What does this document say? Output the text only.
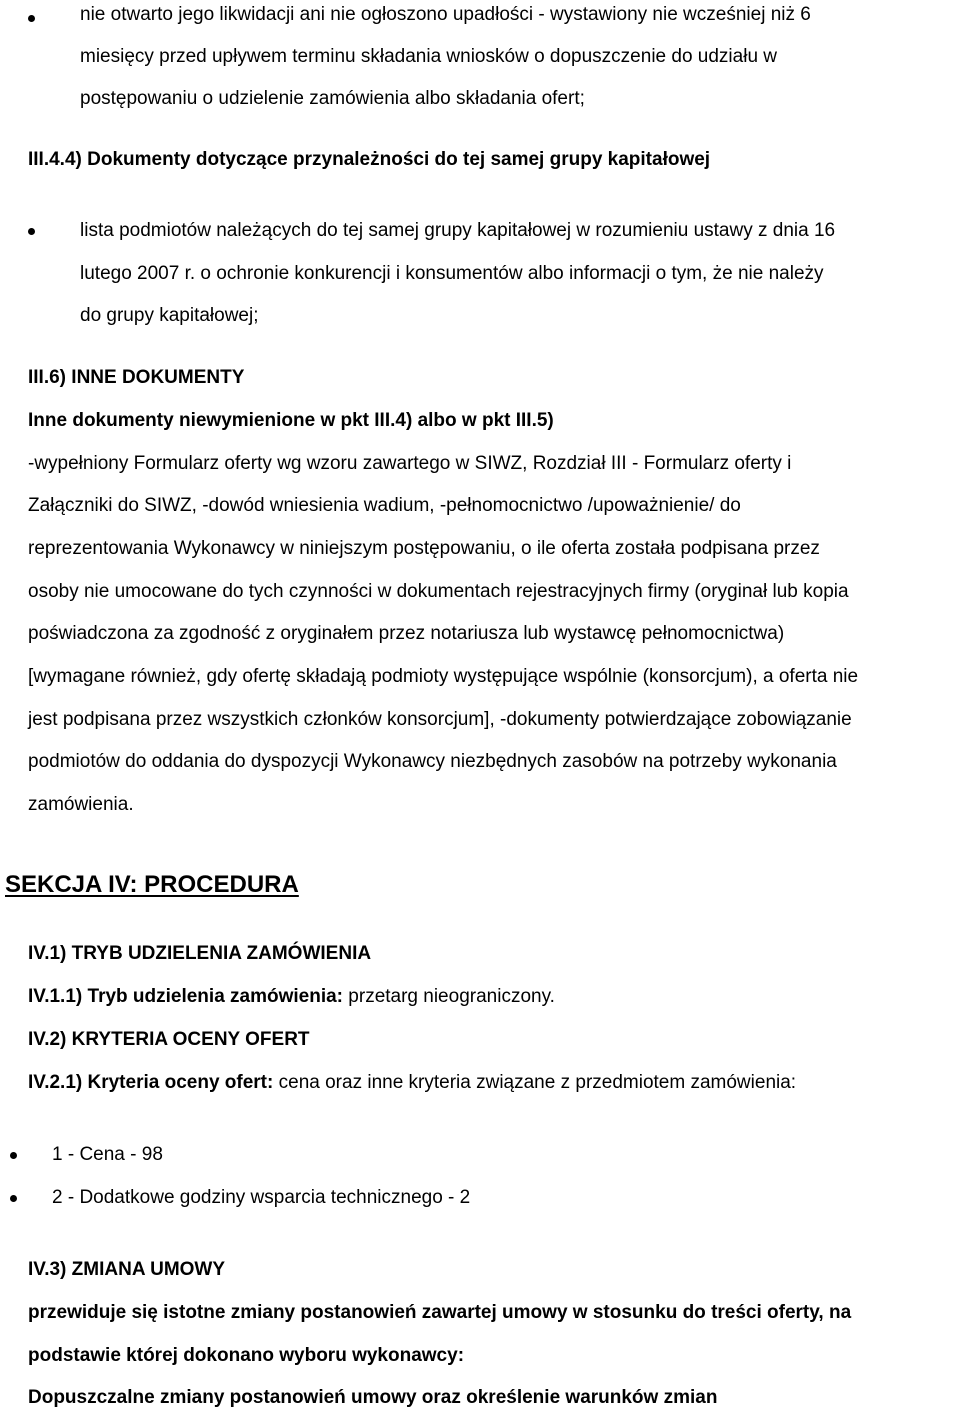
nie otwarto jego likwidacji ani nie ogłoszono upadłości - wystawiony nie wcześniej niż 6
miesięcy przed upływem terminu składania wniosków o dopuszczenie do udziału w
postępowaniu o udzielenie zamówienia albo składania ofert;
III.4.4) Dokumenty dotyczące przynależności do tej samej grupy kapitałowej
lista podmiotów należących do tej samej grupy kapitałowej w rozumieniu ustawy z dnia 16
lutego 2007 r. o ochronie konkurencji i konsumentów albo informacji o tym, że nie należy
do grupy kapitałowej;
III.6) INNE DOKUMENTY
Inne dokumenty niewymienione w pkt III.4) albo w pkt III.5)
-wypełniony Formularz oferty wg wzoru zawartego w SIWZ, Rozdział III - Formularz oferty i
Załączniki do SIWZ, -dowód wniesienia wadium, -pełnomocnictwo /upoważnienie/ do
reprezentowania Wykonawcy w niniejszym postępowaniu, o ile oferta została podpisana przez
osoby nie umocowane do tych czynności w dokumentach rejestracyjnych firmy (oryginał lub kopia
poświadczona za zgodność z oryginałem przez notariusza lub wystawcę pełnomocnictwa)
[wymagane również, gdy ofertę składają podmioty występujące wspólnie (konsorcjum), a oferta nie
jest podpisana przez wszystkich członków konsorcjum], -dokumenty potwierdzające zobowiązanie
podmiotów do oddania do dyspozycji Wykonawcy niezbędnych zasobów na potrzeby wykonania
zamówienia.
SEKCJA IV: PROCEDURA
IV.1) TRYB UDZIELENIA ZAMÓWIENIA
IV.1.1) Tryb udzielenia zamówienia: przetarg nieograniczony.
IV.2) KRYTERIA OCENY OFERT
IV.2.1) Kryteria oceny ofert: cena oraz inne kryteria związane z przedmiotem zamówienia:
1 - Cena - 98
2 - Dodatkowe godziny wsparcia technicznego - 2
IV.3) ZMIANA UMOWY
przewiduje się istotne zmiany postanowień zawartej umowy w stosunku do treści oferty, na
podstawie której dokonano wyboru wykonawcy:
Dopuszczalne zmiany postanowień umowy oraz określenie warunków zmian
